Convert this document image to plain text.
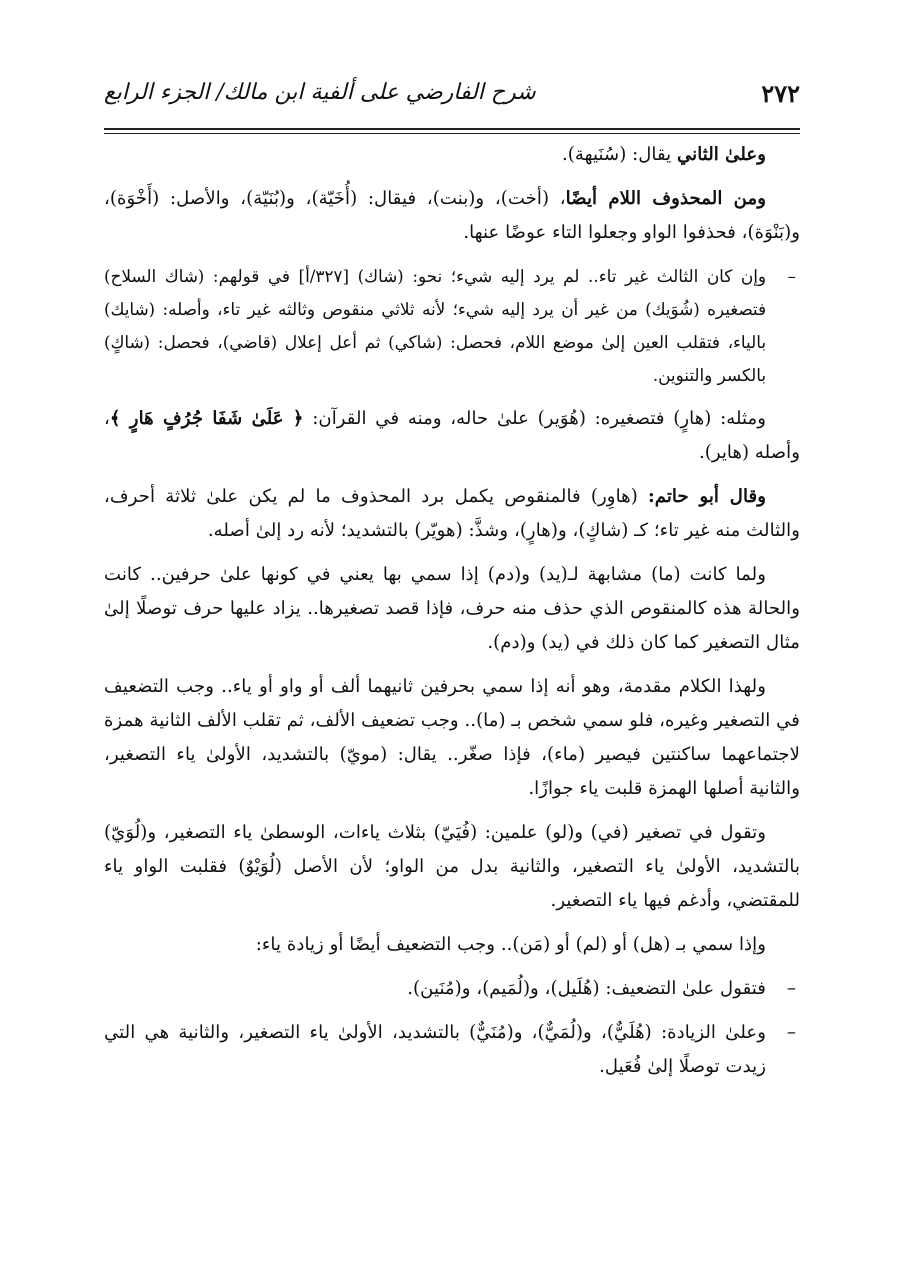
٢٧٢
شرح الفارضي على ألفية ابن مالك/ الجزء الرابع

وعلىٰ الثاني يقال: (سُنَيهة).

ومن المحذوف اللام أيضًا، (أخت)، و(بنت)، فيقال: (أُخَيّة)، و(بُنَيّة)، والأصل: (أَخْوَة)، و(بَنْوَة)، فحذفوا الواو وجعلوا التاء عوضًا عنها.

–
وإن كان الثالث غير تاء.. لم يرد إليه شيء؛ نحو: (شاك) [٣٢٧/أ] في قولهم: (شاك السلاح) فتصغيره (شُوَيك) من غير أن يرد إليه شيء؛ لأنه ثلاثي منقوص وثالثه غير تاء، وأصله: (شايك) بالياء، فتقلب العين إلىٰ موضع اللام، فحصل: (شاكي) ثم أعل إعلال (قاضي)، فحصل: (شاكٍ) بالكسر والتنوين.

ومثله: (هارٍ) فتصغيره: (هُوَير) علىٰ حاله، ومنه في القرآن: ﴿ عَلَىٰ شَفَا جُرُفٍ هَارٍ ﴾، وأصله (هاير).

وقال أبو حاتم: (هاوِر) فالمنقوص يكمل برد المحذوف ما لم يكن علىٰ ثلاثة أحرف، والثالث منه غير تاء؛ كـ (شاكٍ)، و(هارٍ)، وشذَّ: (هويّر) بالتشديد؛ لأنه رد إلىٰ أصله.

ولما كانت (ما) مشابهة لـ(يد) و(دم) إذا سمي بها يعني في كونها علىٰ حرفين.. كانت والحالة هذه كالمنقوص الذي حذف منه حرف، فإذا قصد تصغيرها.. يزاد عليها حرف توصلًا إلىٰ مثال التصغير كما كان ذلك في (يد) و(دم).

ولهذا الكلام مقدمة، وهو أنه إذا سمي بحرفين ثانيهما ألف أو واو أو ياء.. وجب التضعيف في التصغير وغيره، فلو سمي شخص بـ (ما).. وجب تضعيف الألف، ثم تقلب الألف الثانية همزة لاجتماعهما ساكنتين فيصير (ماء)، فإذا صغّر.. يقال: (مويّ) بالتشديد، الأولىٰ ياء التصغير، والثانية أصلها الهمزة قلبت ياء جوازًا.

وتقول في تصغير (في) و(لو) علمين: (فُيَيّ) بثلاث ياءات، الوسطىٰ ياء التصغير، و(لُوَيّ) بالتشديد، الأولىٰ ياء التصغير، والثانية بدل من الواو؛ لأن الأصل (لُوَيْوٌ) فقلبت الواو ياء للمقتضي، وأدغم فيها ياء التصغير.

وإذا سمي بـ (هل) أو (لم) أو (مَن).. وجب التضعيف أيضًا أو زيادة ياء:

–
فتقول علىٰ التضعيف: (هُلَيل)، و(لُمَيم)، و(مُنَين).
–
وعلىٰ الزيادة: (هُلَيٌّ)، و(لُمَيٌّ)، و(مُنَيٌّ) بالتشديد، الأولىٰ ياء التصغير، والثانية هي التي زيدت توصلًا إلىٰ فُعَيل.
